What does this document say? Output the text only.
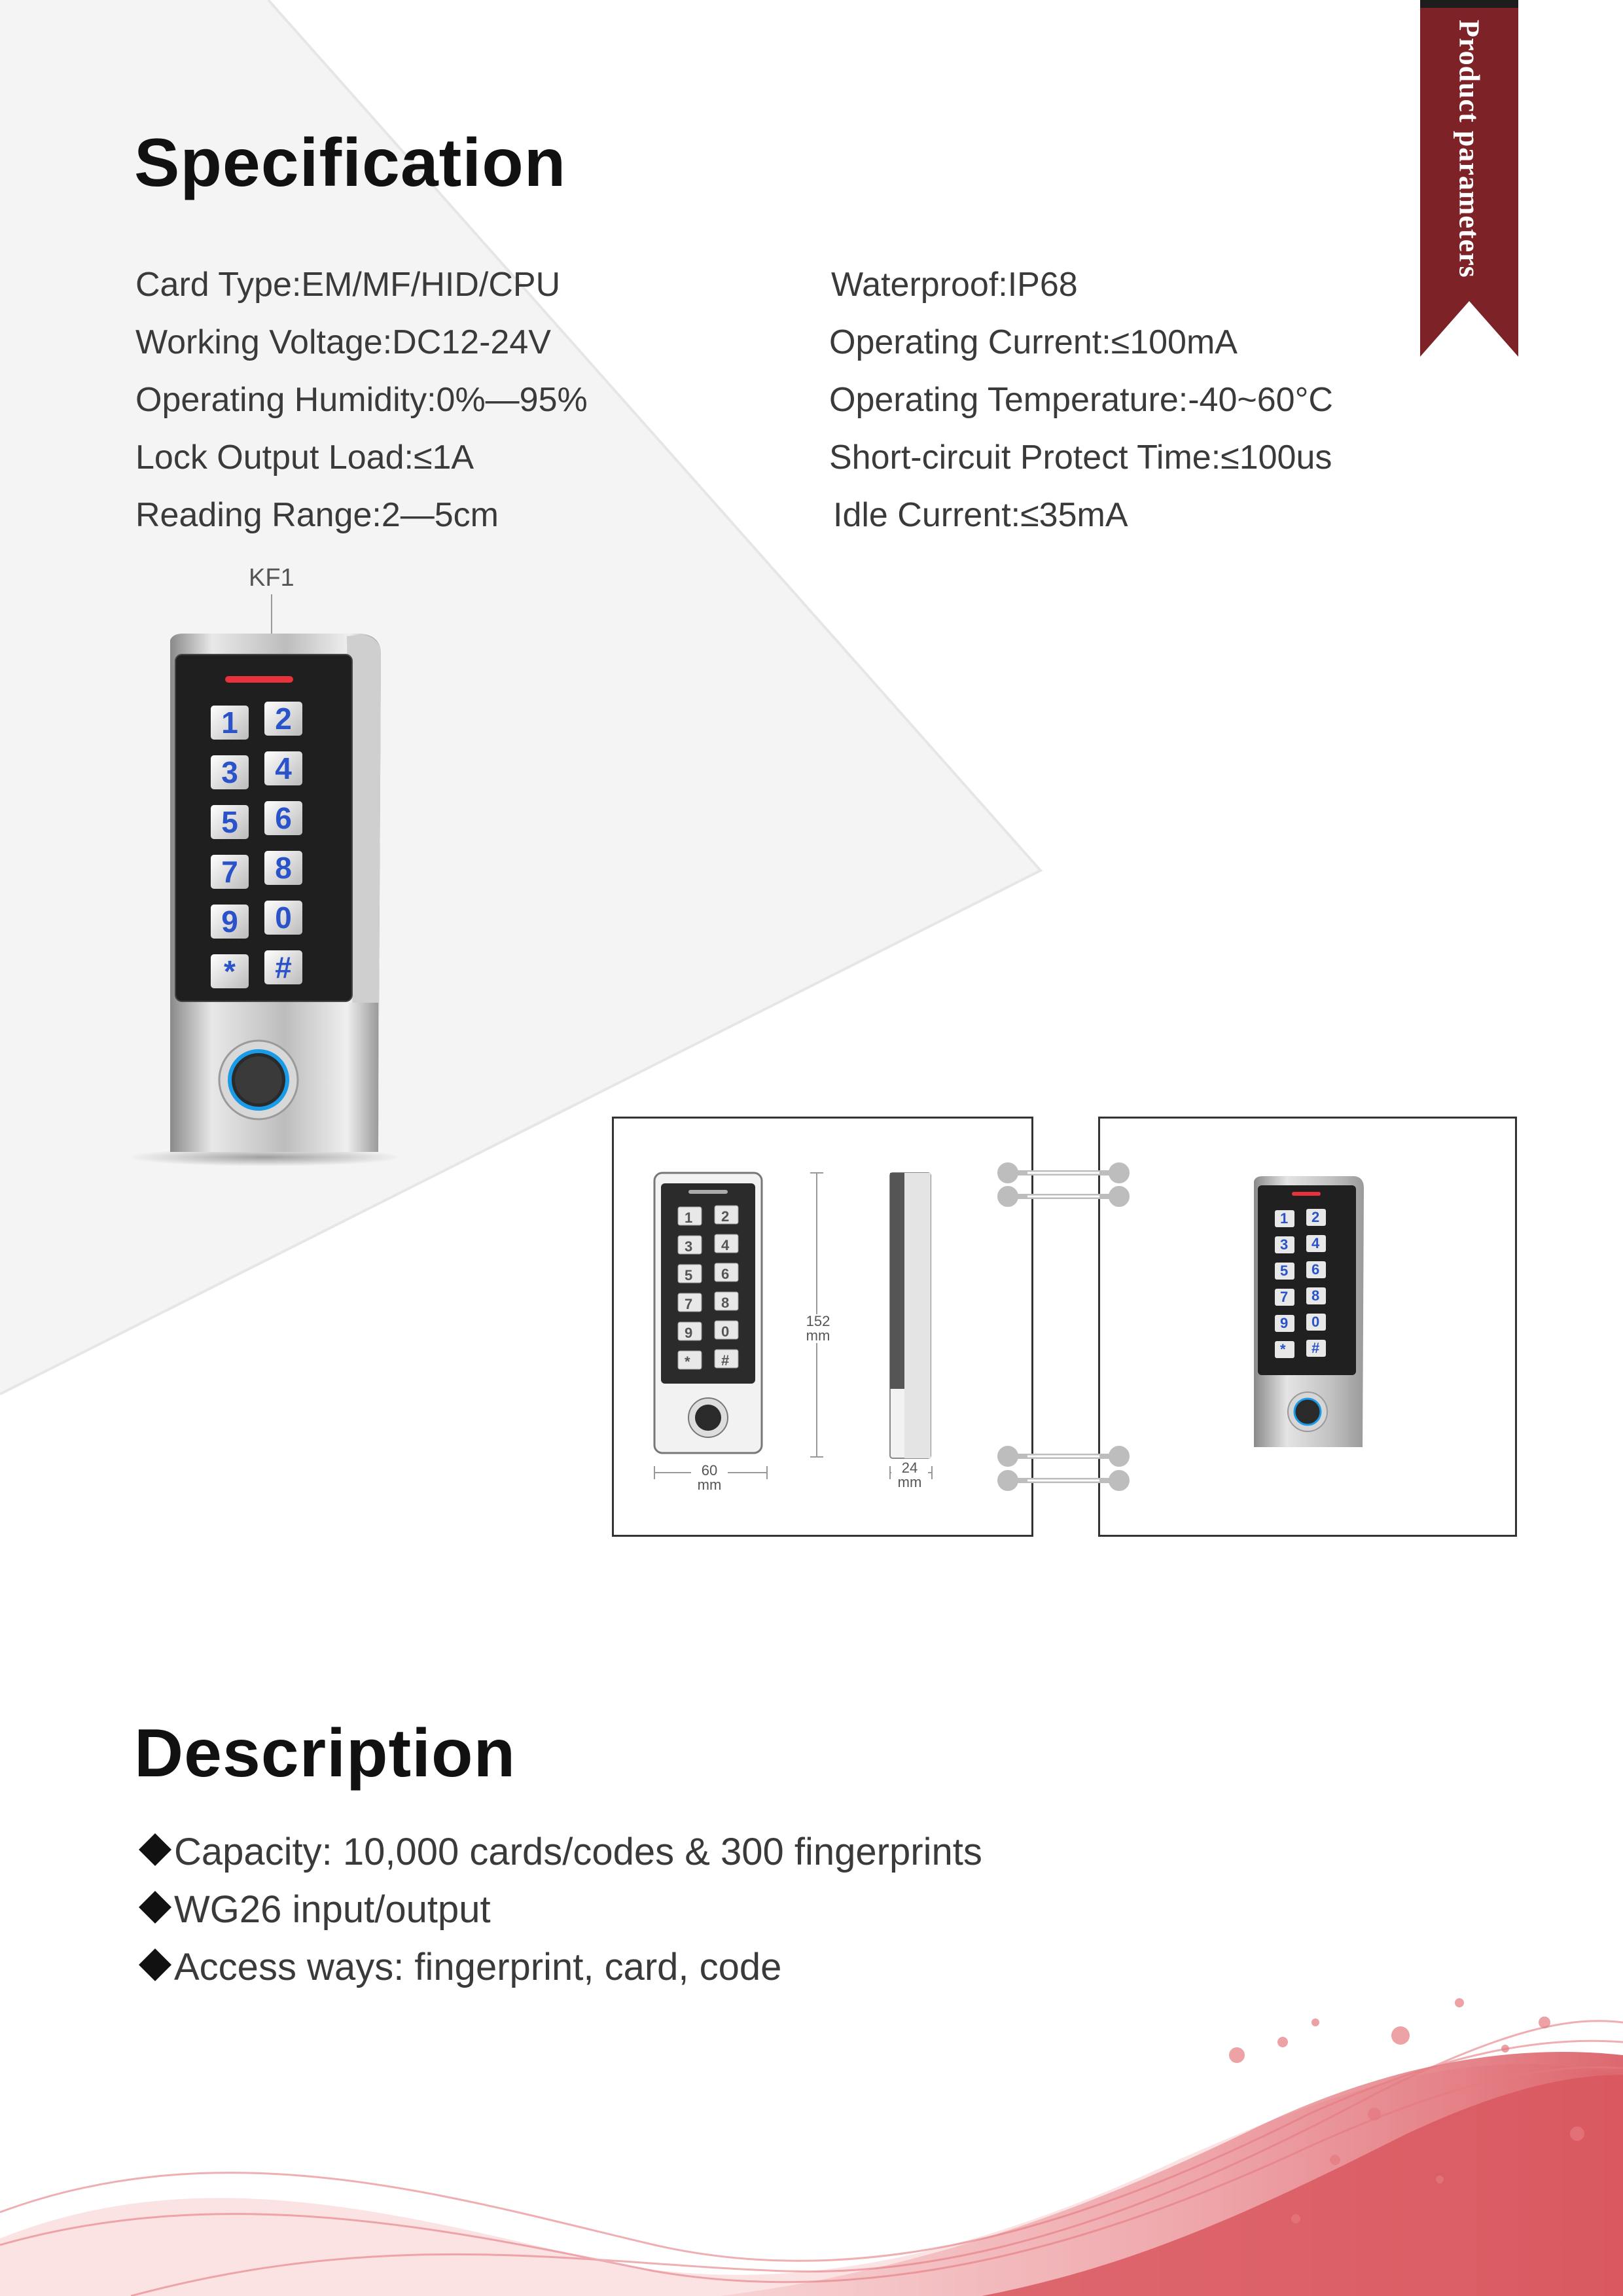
Product parameters
Specification
Card Type:EM/MF/HID/CPU
Working Voltage:DC12-24V
Operating Humidity:0%—95%
Lock Output Load:≤1A
Reading Range:2—5cm
Waterproof:IP68
Operating Current:≤100mA
Operating Temperature:-40~60°C
Short-circuit Protect Time:≤100us
Idle Current:≤35mA
KF1
1	2
3	4
5	6
7	8
9	0
*	#
1 2
3 4
5 6
7 8
9 0
* #
152
mm
60
mm
24
mm
1 2
3 4
5 6
7 8
9 0
* #
Description
Capacity: 10,000 cards/codes & 300 fingerprints
WG26 input/output
Access ways: fingerprint, card, code
